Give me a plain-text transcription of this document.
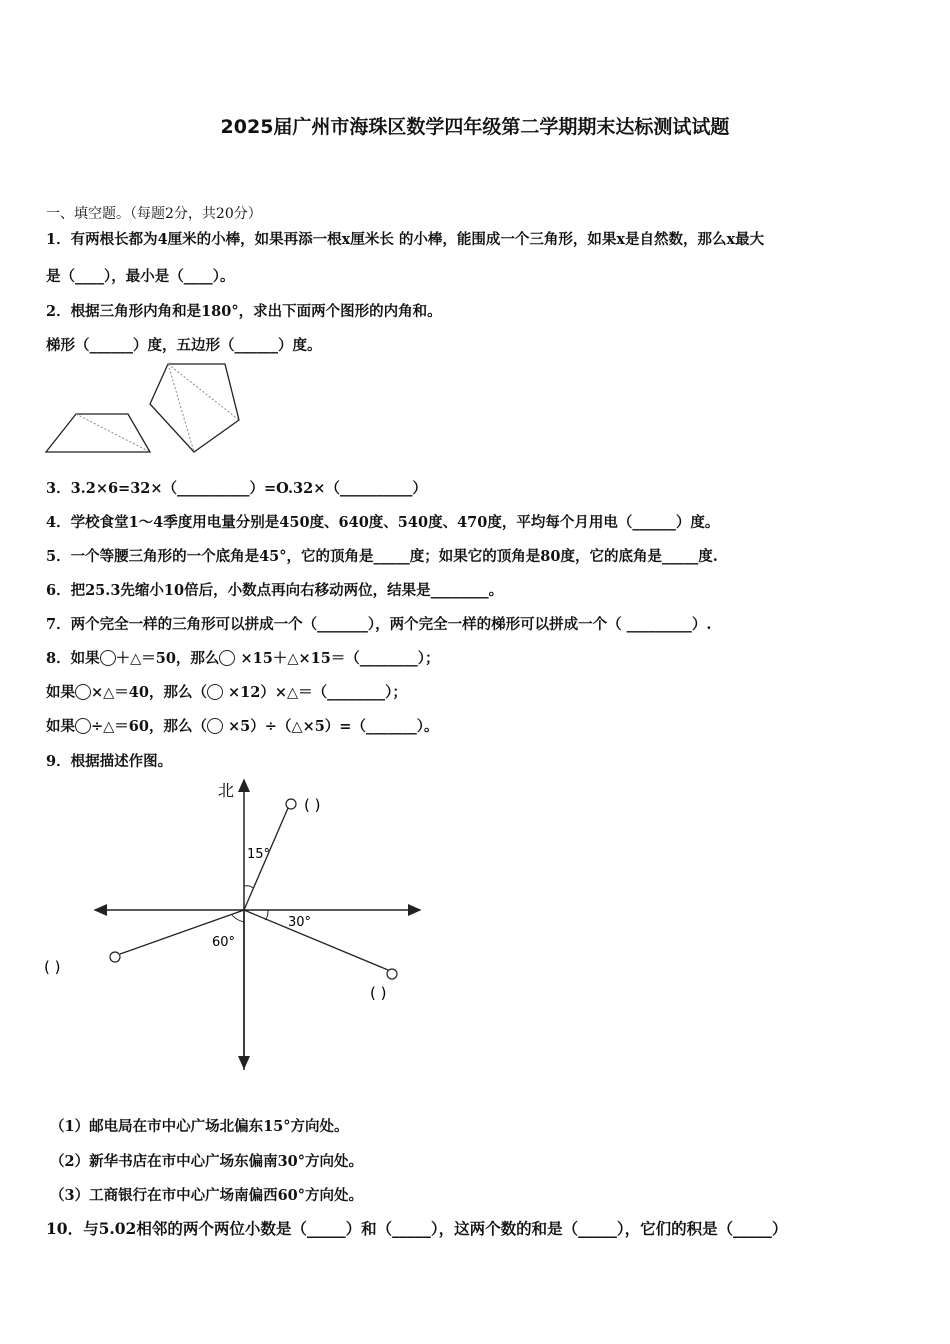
2025届广州市海珠区数学四年级第二学期期末达标测试试题
一、填空题。（每题2分，共20分）
1．有两根长都为4厘米的小棒，如果再添一根x厘米长 的小棒，能围成一个三角形，如果x是自然数，那么x最大
是（____），最小是（____）。
2．根据三角形内角和是180°，求出下面两个图形的内角和。
梯形（______）度，五边形（______）度。
3．3.2×6=32×（__________）=O.32×（__________）
4．学校食堂1～4季度用电量分别是450度、640度、540度、470度，平均每个月用电（______）度。
5．一个等腰三角形的一个底角是45°，它的顶角是_____度；如果它的顶角是80度，它的底角是_____度.
6．把25.3先缩小10倍后，小数点再向右移动两位，结果是________。
7．两个完全一样的三角形可以拼成一个（_______），两个完全一样的梯形可以拼成一个（ _________）.
8．如果 ＋△＝50，那么 ×15＋△×15＝（________）；
如果 ×△＝40，那么（ ×12）×△＝（________）；
如果 ÷△＝60，那么（ ×5）÷（△×5）=（_______）。
9．根据描述作图。
北
15°
30°
60°
( )
( )
( )
（1）邮电局在市中心广场北偏东15°方向处。
（2）新华书店在市中心广场东偏南30°方向处。
（3）工商银行在市中心广场南偏西60°方向处。
10．与5.02相邻的两个两位小数是（_____）和（_____），这两个数的和是（_____），它们的积是（_____）
